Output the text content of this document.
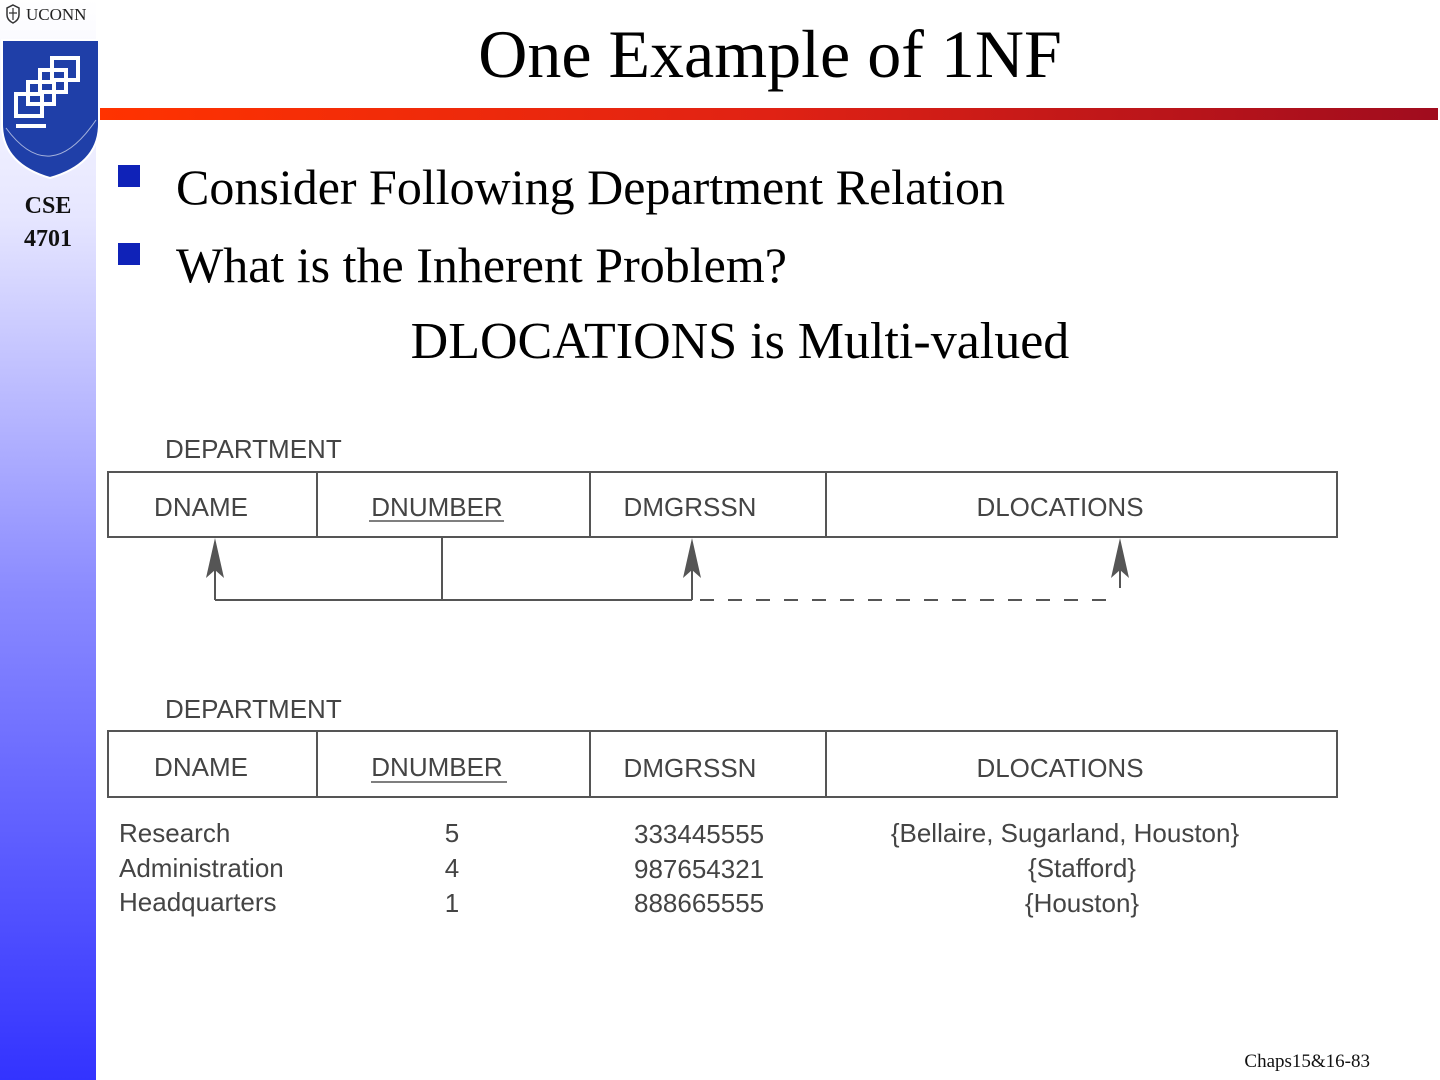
UCONN
CSE
4701
One Example of 1NF
Consider Following Department Relation
What is the Inherent Problem?
DLOCATIONS is Multi-valued
DEPARTMENT
DNAME	DNUMBER	DMGRSSN	DLOCATIONS
DEPARTMENT
DNAME	DNUMBER	DMGRSSN	DLOCATIONS
Research	5	333445555	{Bellaire, Sugarland, Houston}
Administration	4	987654321	{Stafford}
Headquarters	1	888665555	{Houston}
Chaps15&16-83
